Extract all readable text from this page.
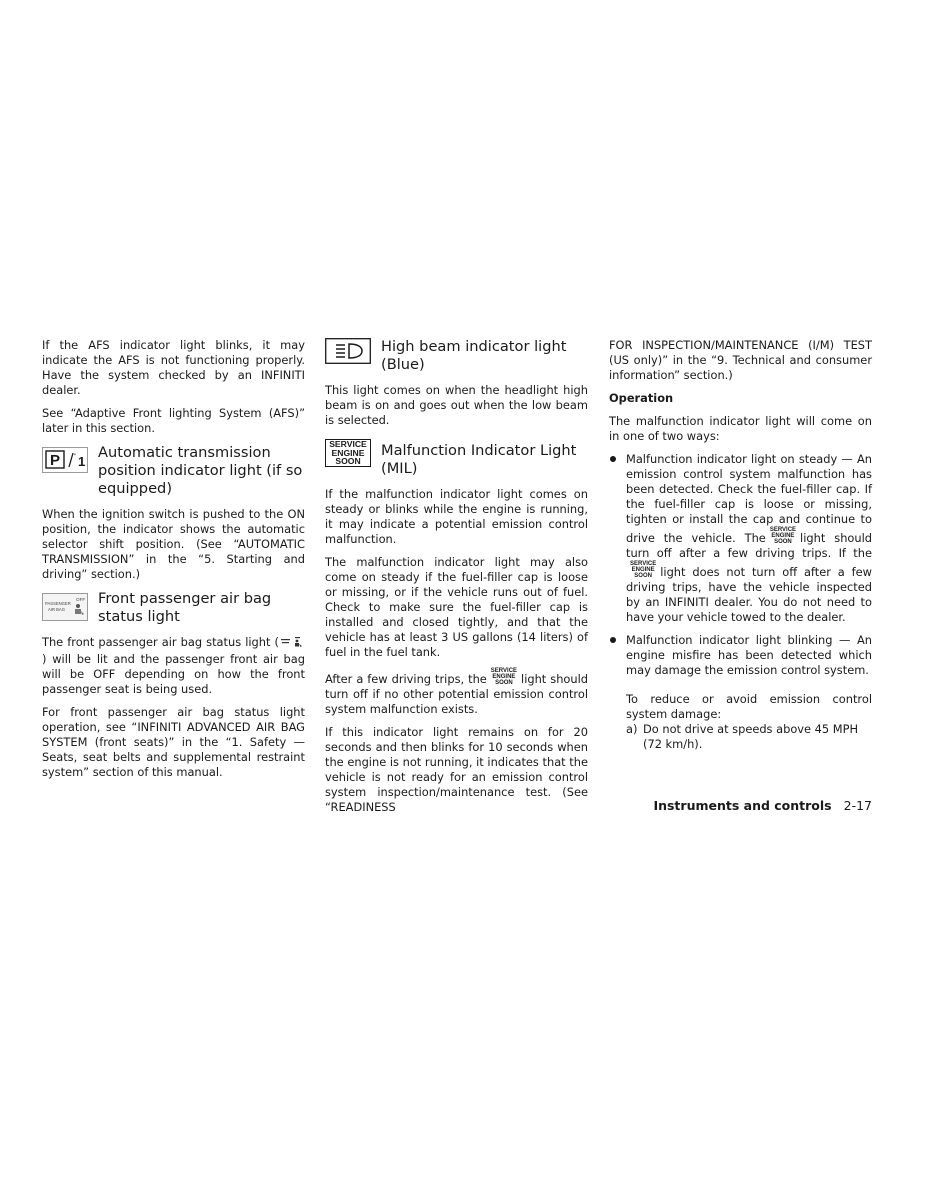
If the AFS indicator light blinks, it may indicate the AFS is not functioning properly. Have the system checked by an INFINITI dealer.

See “Adaptive Front lighting System (AFS)” later in this section.

P “ 1
Automatic transmission position indicator light (if so equipped)

When the ignition switch is pushed to the ON position, the indicator shows the automatic selector shift position. (See “AUTOMATIC TRANSMISSION” in the “5. Starting and driving” section.)

PASSENGER
AIR BAG
OFF Front passenger air bag status light

The front passenger air bag status light () will be lit and the passenger front air bag will be OFF depending on how the front passenger seat is being used.

For front passenger air bag status light operation, see “INFINITI ADVANCED AIR BAG SYSTEM (front seats)” in the “1. Safety — Seats, seat belts and supplemental restraint system” section of this manual.

High beam indicator light (Blue)

This light comes on when the headlight high beam is on and goes out when the low beam is selected.

SERVICE
ENGINE
SOON
Malfunction Indicator Light (MIL)

If the malfunction indicator light comes on steady or blinks while the engine is running, it may indicate a potential emission control malfunction.

The malfunction indicator light may also come on steady if the fuel-filler cap is loose or missing, or if the vehicle runs out of fuel. Check to make sure the fuel-filler cap is installed and closed tightly, and that the vehicle has at least 3 US gallons (14 liters) of fuel in the fuel tank.

After a few driving trips, theSERVICE
ENGINE
SOON light should turn off if no other potential emission control system malfunction exists.

If this indicator light remains on for 20 seconds and then blinks for 10 seconds when the engine is not running, it indicates that the vehicle is not ready for an emission control system inspection/maintenance test. (See “READINESS

FOR INSPECTION/MAINTENANCE (I/M) TEST (US only)” in the “9. Technical and consumer information” section.)

Operation

The malfunction indicator light will come on in one of two ways:

Malfunction indicator light on steady — An emission control system malfunction has been detected. Check the fuel-filler cap. If the fuel-filler cap is loose or missing, tighten or install the cap and continue to drive the vehicle. TheSERVICE
ENGINE
SOON light should turn off after a few driving trips. If theSERVICE
ENGINE
SOON light does not turn off after a few driving trips, have the vehicle inspected by an INFINITI dealer. You do not need to have your vehicle towed to the dealer.
Malfunction indicator light blinking — An engine misfire has been detected which may damage the emission control system.

To reduce or avoid emission control system damage:

a) Do not drive at speeds above 45 MPH (72 km/h).
Instruments and controls 2-17
